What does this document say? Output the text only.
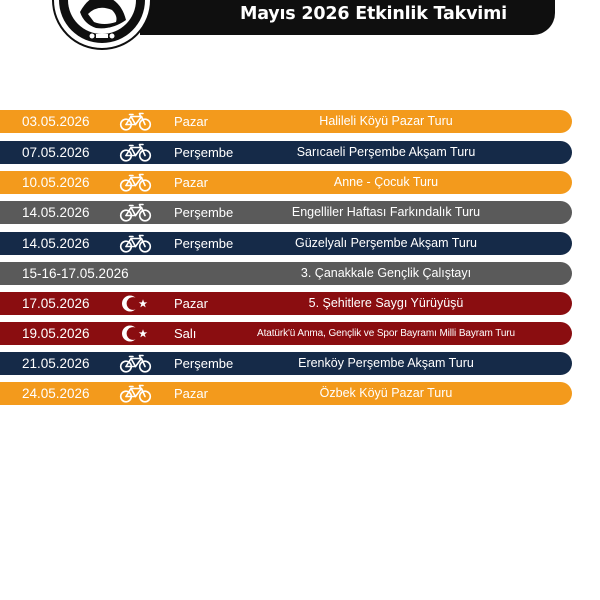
Mayıs 2026 Etkinlik Takvimi
03.05.2026	Pazar	Halileli Köyü Pazar Turu
07.05.2026	Perşembe	Sarıcaeli Perşembe Akşam Turu
10.05.2026	Pazar	Anne - Çocuk Turu
14.05.2026	Perşembe	Engelliler Haftası Farkındalık Turu
14.05.2026	Perşembe	Güzelyalı Perşembe Akşam Turu
15-16-17.05.2026	3. Çanakkale Gençlik Çalıştayı
17.05.2026	Pazar	5. Şehitlere Saygı Yürüyüşü
19.05.2026	Salı	Atatürk'ü Anma, Gençlik ve Spor Bayramı Milli Bayram Turu
21.05.2026	Perşembe	Erenköy Perşembe Akşam Turu
24.05.2026	Pazar	Özbek Köyü Pazar Turu
